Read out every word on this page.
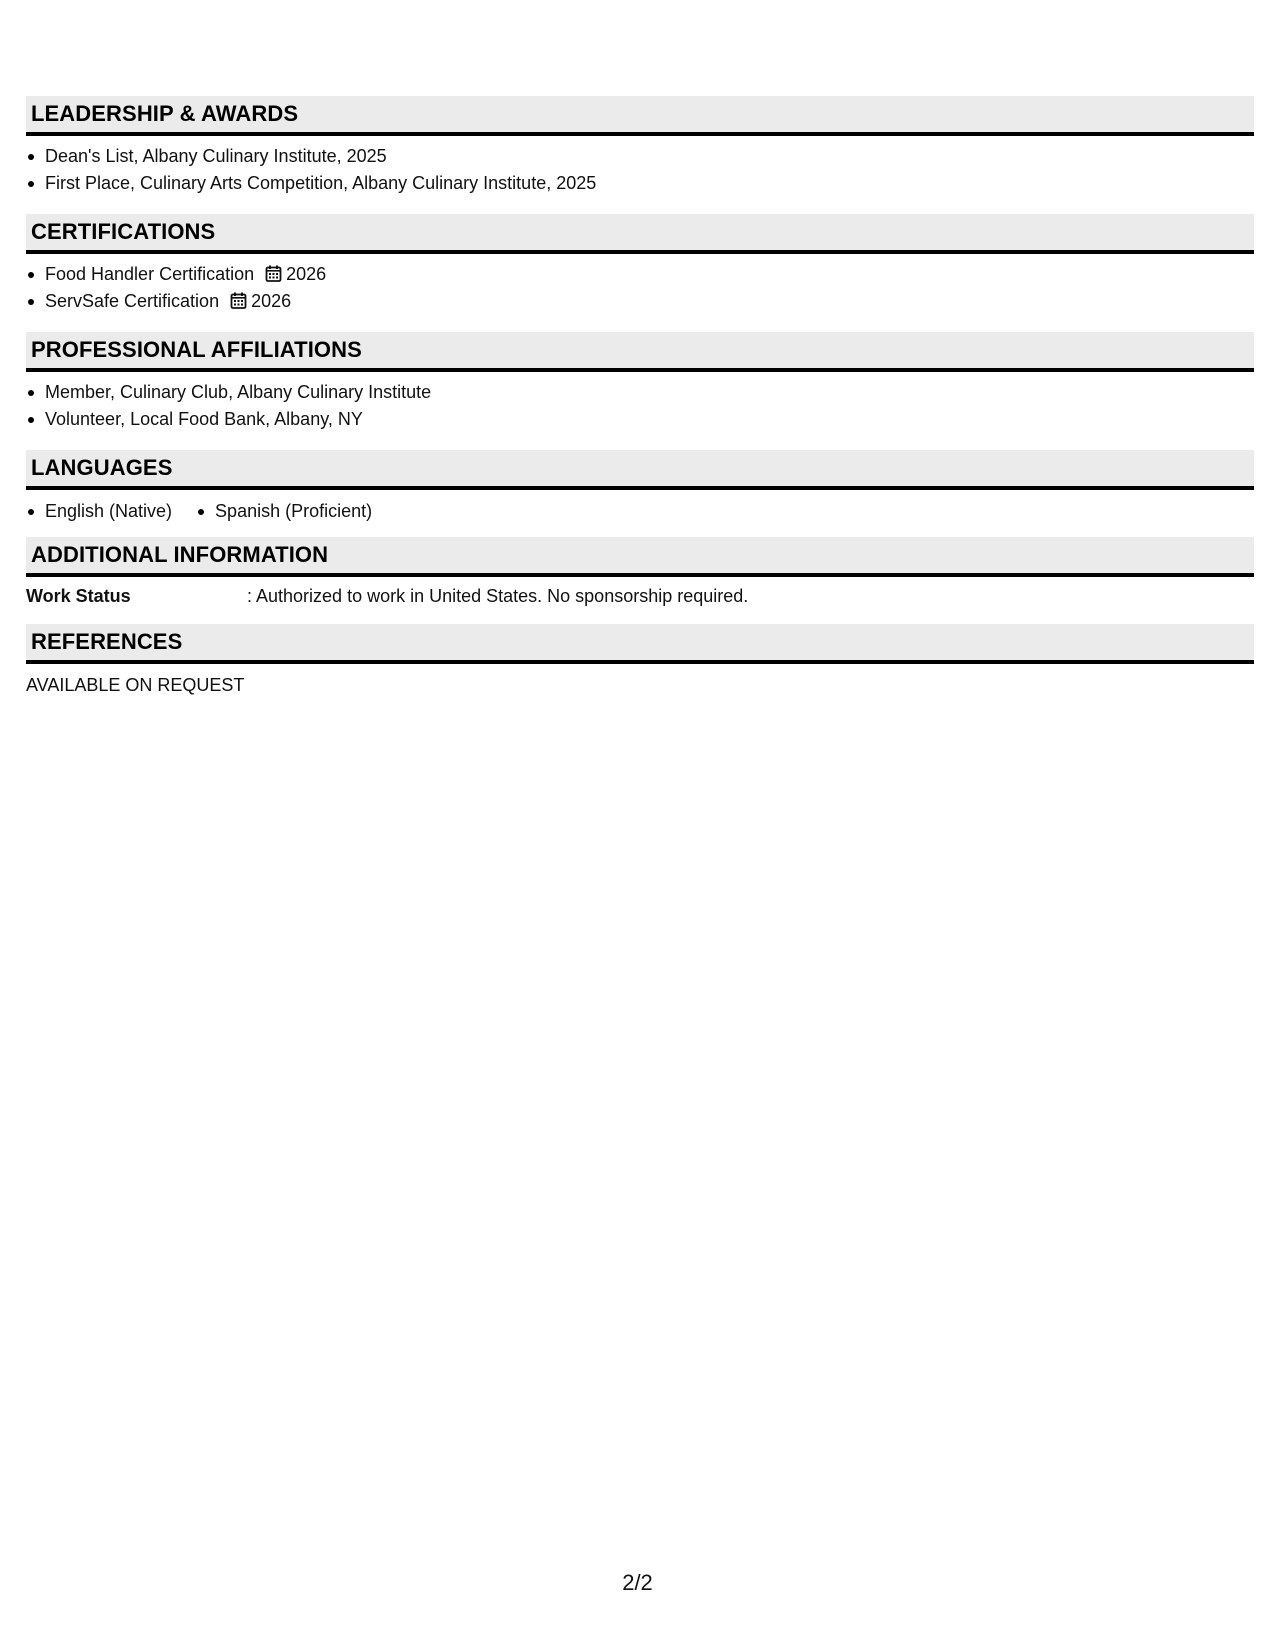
LEADERSHIP & AWARDS
Dean's List, Albany Culinary Institute, 2025
First Place, Culinary Arts Competition, Albany Culinary Institute, 2025
CERTIFICATIONS
Food Handler Certification 2026
ServSafe Certification 2026
PROFESSIONAL AFFILIATIONS
Member, Culinary Club, Albany Culinary Institute
Volunteer, Local Food Bank, Albany, NY
LANGUAGES
English (Native)	Spanish (Proficient)
ADDITIONAL INFORMATION
Work Status	: Authorized to work in United States. No sponsorship required.
REFERENCES
AVAILABLE ON REQUEST
2/2
